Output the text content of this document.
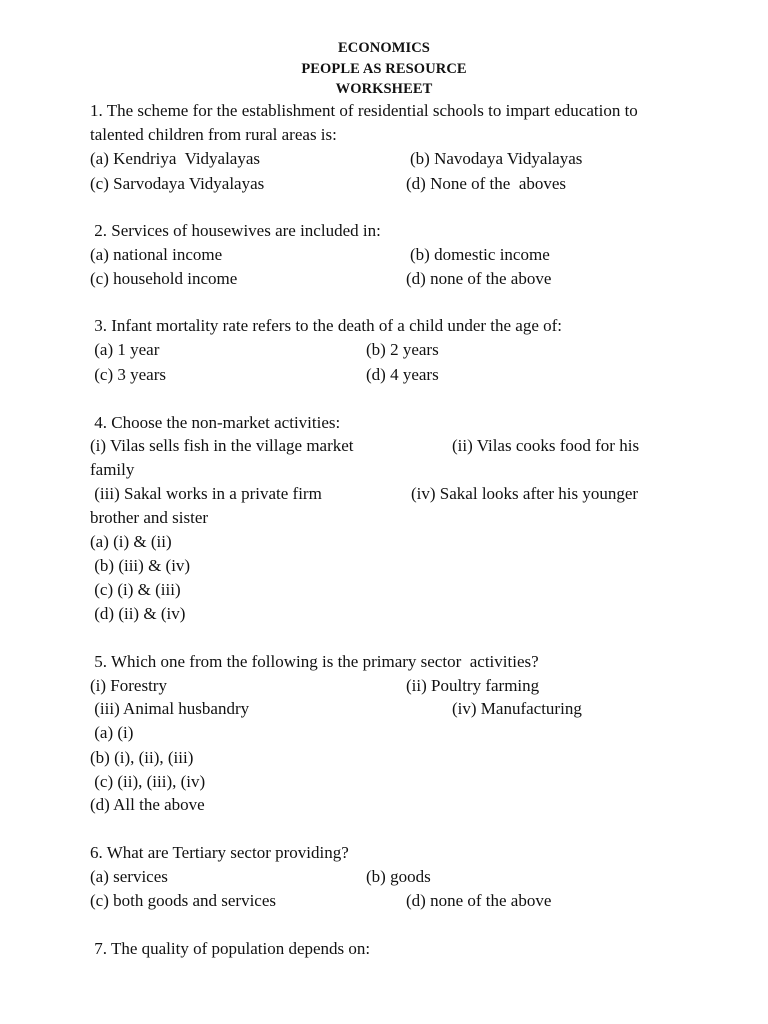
ECONOMICS
PEOPLE AS RESOURCE
WORKSHEET
1. The scheme for the establishment of residential schools to impart education to
talented children from rural areas is:
(a) Kendriya  Vidyalayas	(b) Navodaya Vidyalayas
(c) Sarvodaya Vidyalayas	(d) None of the  aboves
2. Services of housewives are included in:
(a) national income	(b) domestic income
(c) household income	(d) none of the above
3. Infant mortality rate refers to the death of a child under the age of:
(a) 1 year	(b) 2 years
(c) 3 years	(d) 4 years
4. Choose the non-market activities:
(i) Vilas sells fish in the village market	(ii) Vilas cooks food for his
family
(iii) Sakal works in a private firm	(iv) Sakal looks after his younger
brother and sister
(a) (i) & (ii)
(b) (iii) & (iv)
(c) (i) & (iii)
(d) (ii) & (iv)
5. Which one from the following is the primary sector  activities?
(i) Forestry	(ii) Poultry farming
(iii) Animal husbandry	(iv) Manufacturing
(a) (i)
(b) (i), (ii), (iii)
(c) (ii), (iii), (iv)
(d) All the above
6. What are Tertiary sector providing?
(a) services	(b) goods
(c) both goods and services	(d) none of the above
7. The quality of population depends on:
